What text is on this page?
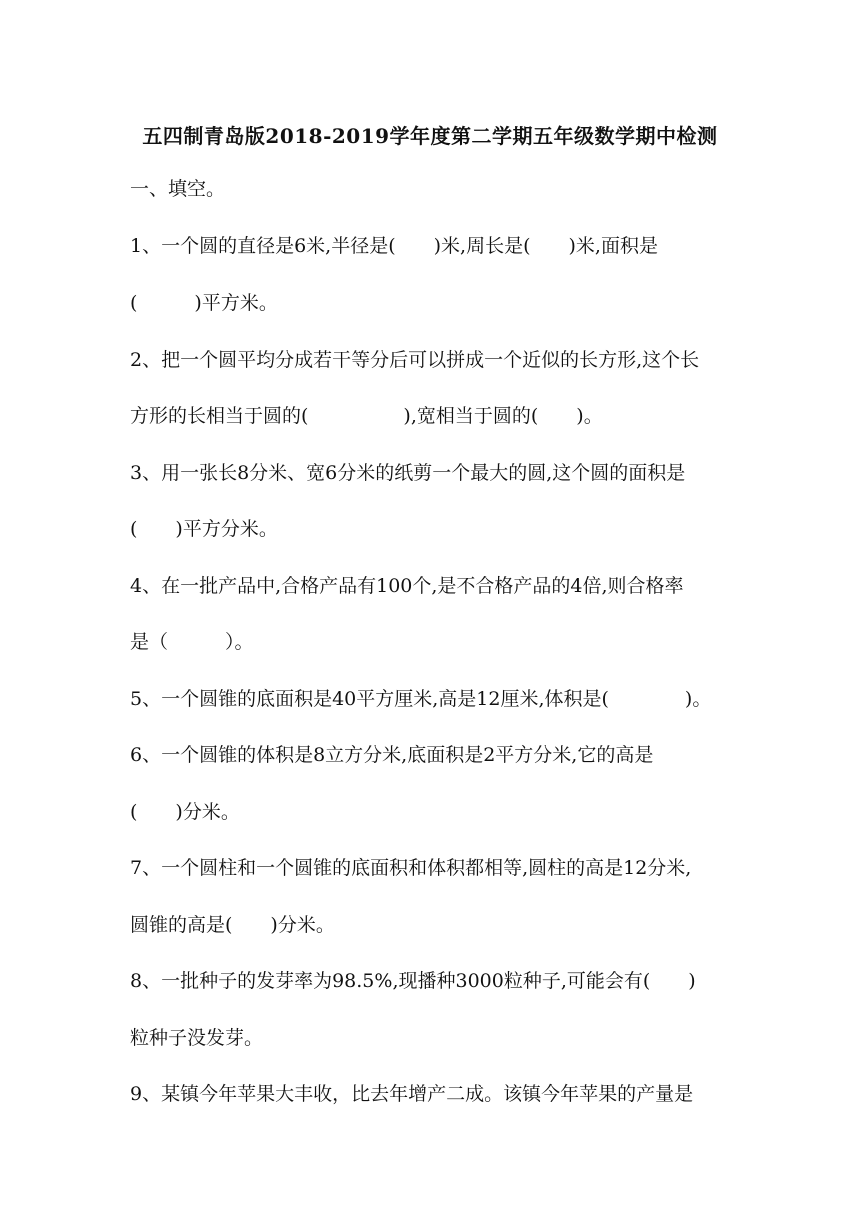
五四制青岛版2018-2019学年度第二学期五年级数学期中检测
一、填空。
1、一个圆的直径是6米,半径是(　　)米,周长是(　　)米,面积是
(　　　)平方米。
2、把一个圆平均分成若干等分后可以拼成一个近似的长方形,这个长
方形的长相当于圆的(　　　　　),宽相当于圆的(　　)。
3、用一张长8分米、宽6分米的纸剪一个最大的圆,这个圆的面积是
(　　)平方分米。
4、在一批产品中,合格产品有100个,是不合格产品的4倍,则合格率
是（　　　）。
5、一个圆锥的底面积是40平方厘米,高是12厘米,体积是(　　　　)。
6、一个圆锥的体积是8立方分米,底面积是2平方分米,它的高是
(　　)分米。
7、一个圆柱和一个圆锥的底面积和体积都相等,圆柱的高是12分米,
圆锥的高是(　　)分米。
8、一批种子的发芽率为98.5%,现播种3000粒种子,可能会有(　　)
粒种子没发芽。
9、某镇今年苹果大丰收，比去年增产二成。该镇今年苹果的产量是
